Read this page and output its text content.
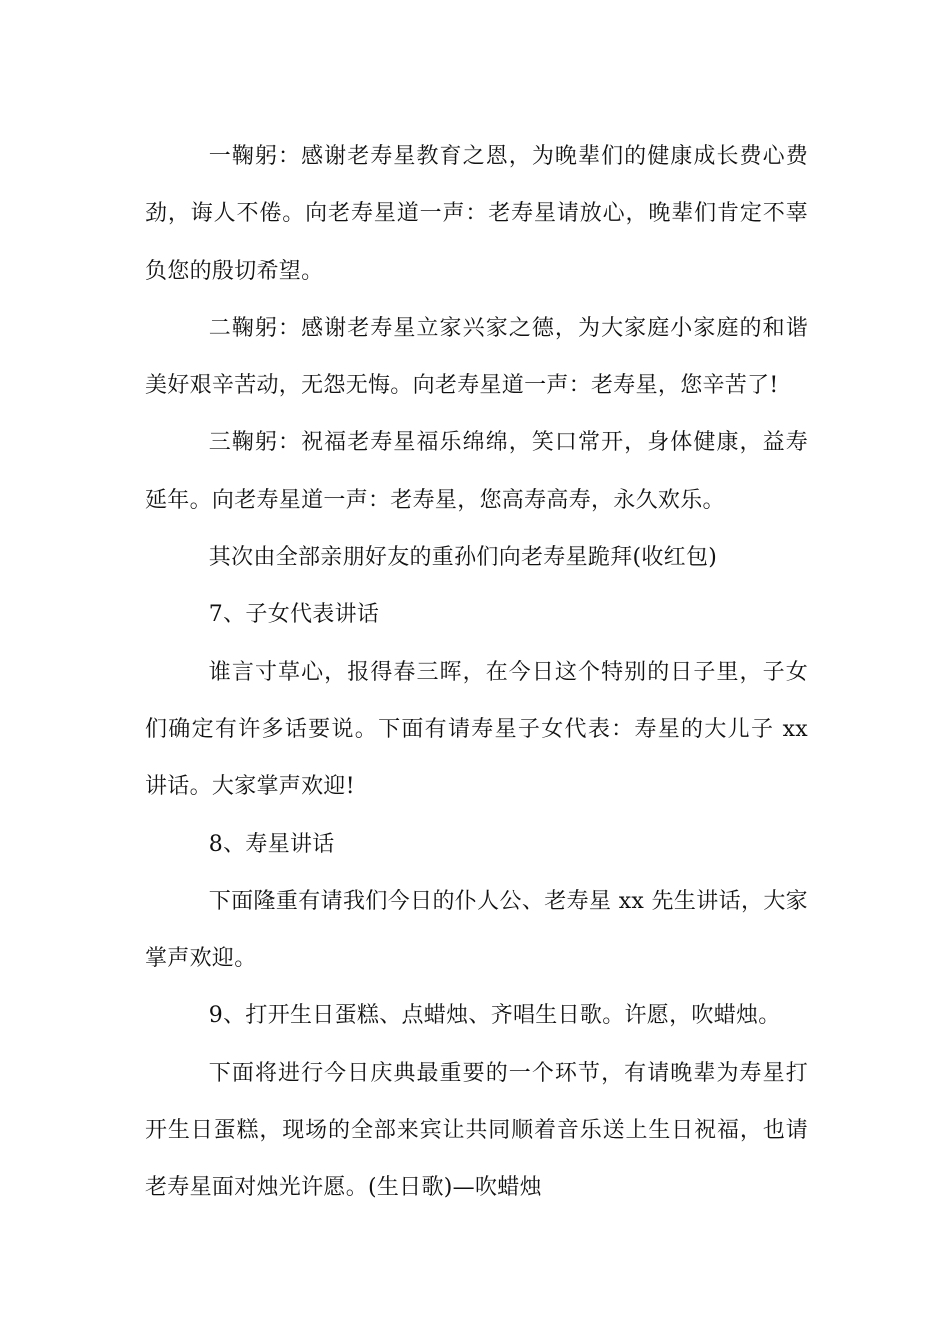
一鞠躬：感谢老寿星教育之恩，为晚辈们的健康成长费心费劲，诲人不倦。向老寿星道一声：老寿星请放心，晚辈们肯定不辜负您的殷切希望。

二鞠躬：感谢老寿星立家兴家之德，为大家庭小家庭的和谐美好艰辛苦动，无怨无悔。向老寿星道一声：老寿星，您辛苦了!

三鞠躬：祝福老寿星福乐绵绵，笑口常开，身体健康，益寿延年。向老寿星道一声：老寿星，您高寿高寿，永久欢乐。

其次由全部亲朋好友的重孙们向老寿星跪拜(收红包)

7、子女代表讲话

谁言寸草心，报得春三晖，在今日这个特别的日子里，子女们确定有许多话要说。下面有请寿星子女代表：寿星的大儿子 xx 讲话。大家掌声欢迎!

8、寿星讲话

下面隆重有请我们今日的仆人公、老寿星 xx 先生讲话，大家掌声欢迎。

9、打开生日蛋糕、点蜡烛、齐唱生日歌。许愿，吹蜡烛。

下面将进行今日庆典最重要的一个环节，有请晚辈为寿星打开生日蛋糕，现场的全部来宾让共同顺着音乐送上生日祝福，也请老寿星面对烛光许愿。(生日歌)—吹蜡烛
